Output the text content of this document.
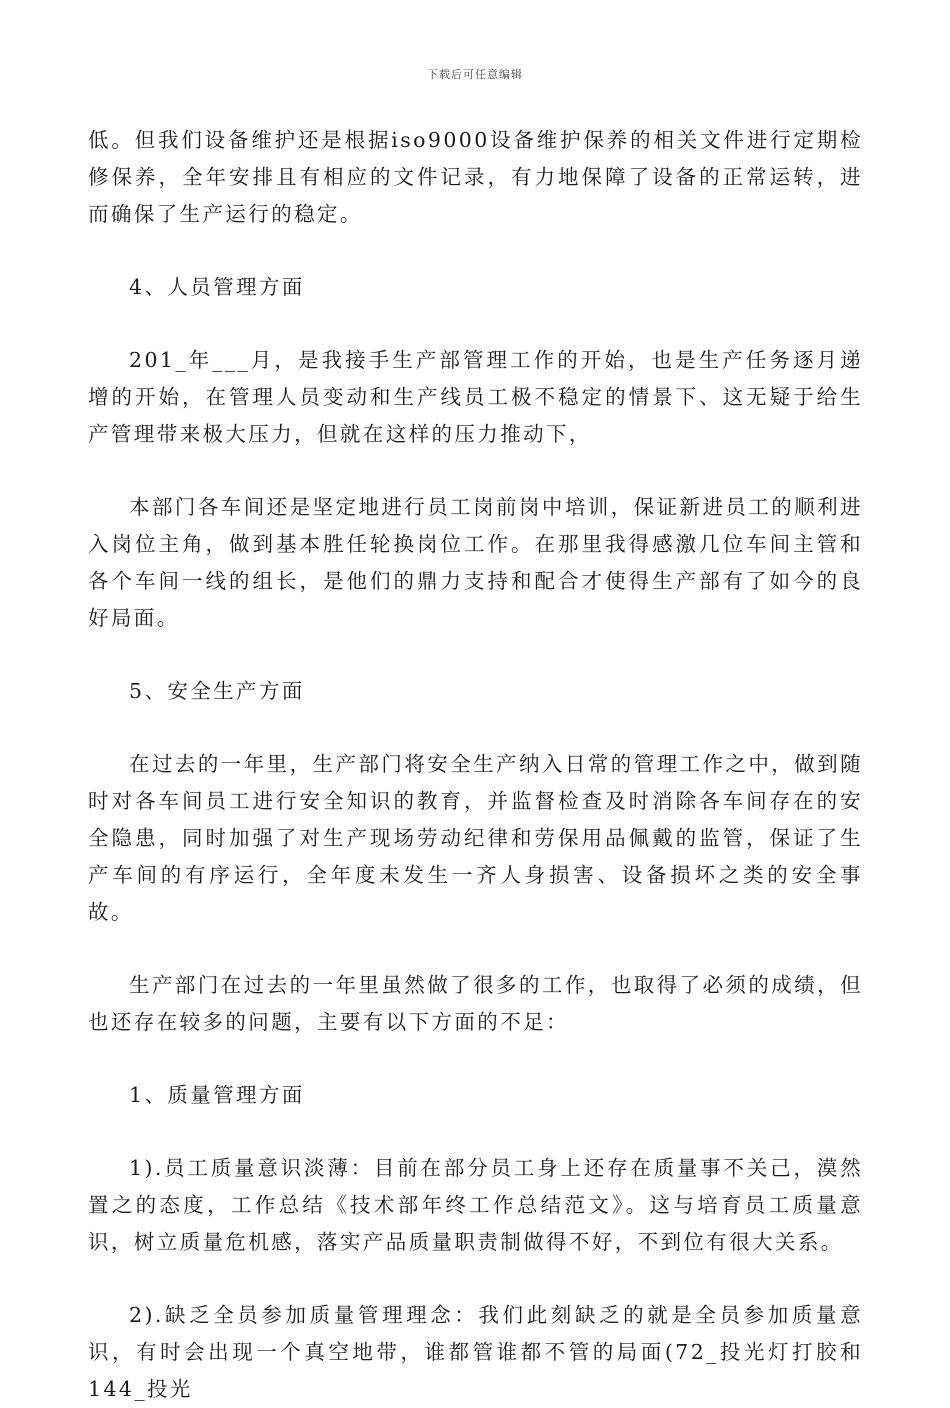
下载后可任意编辑

低。但我们设备维护还是根据iso9000设备维护保养的相关文件进行定期检修保养，全年安排且有相应的文件记录，有力地保障了设备的正常运转，进而确保了生产运行的稳定。

4、人员管理方面

201_年___月，是我接手生产部管理工作的开始，也是生产任务逐月递增的开始，在管理人员变动和生产线员工极不稳定的情景下、这无疑于给生产管理带来极大压力，但就在这样的压力推动下，

本部门各车间还是坚定地进行员工岗前岗中培训，保证新进员工的顺利进入岗位主角，做到基本胜任轮换岗位工作。在那里我得感激几位车间主管和各个车间一线的组长，是他们的鼎力支持和配合才使得生产部有了如今的良好局面。

5、安全生产方面

在过去的一年里，生产部门将安全生产纳入日常的管理工作之中，做到随时对各车间员工进行安全知识的教育，并监督检查及时消除各车间存在的安全隐患，同时加强了对生产现场劳动纪律和劳保用品佩戴的监管，保证了生产车间的有序运行，全年度未发生一齐人身损害、设备损坏之类的安全事故。

生产部门在过去的一年里虽然做了很多的工作，也取得了必须的成绩，但也还存在较多的问题，主要有以下方面的不足：

1、质量管理方面

1).员工质量意识淡薄：目前在部分员工身上还存在质量事不关己，漠然置之的态度，工作总结《技术部年终工作总结范文》。这与培育员工质量意识，树立质量危机感，落实产品质量职责制做得不好，不到位有很大关系。

2).缺乏全员参加质量管理理念：我们此刻缺乏的就是全员参加质量意识，有时会出现一个真空地带，谁都管谁都不管的局面(72_投光灯打胶和144_投光
